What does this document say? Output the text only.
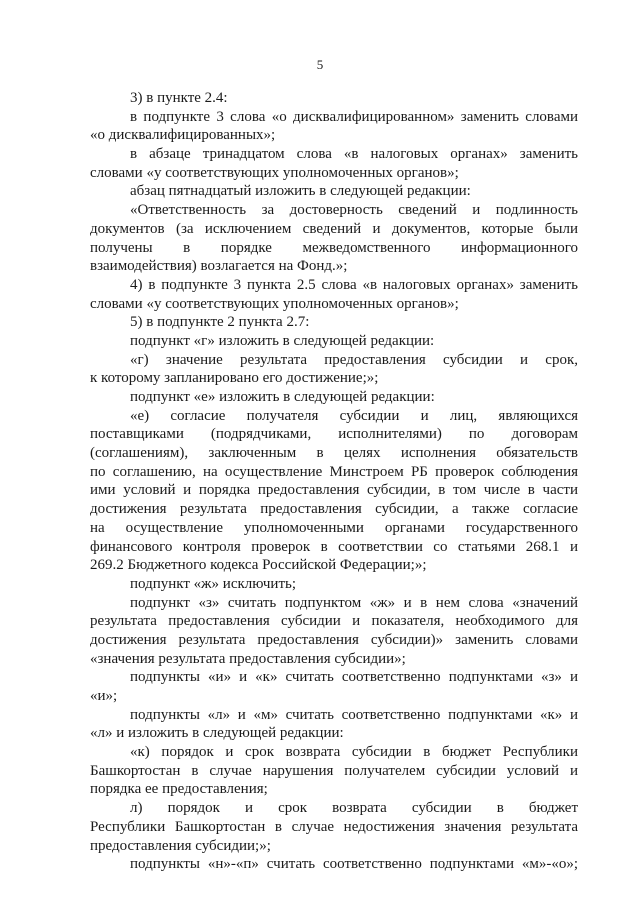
5
3) в пункте 2.4:
в подпункте 3 слова «о дисквалифицированном» заменить словами
«о дисквалифицированных»;
в абзаце тринадцатом слова «в налоговых органах» заменить
словами «у соответствующих уполномоченных органов»;
абзац пятнадцатый изложить в следующей редакции:
«Ответственность за достоверность сведений и подлинность
документов (за исключением сведений и документов, которые были
получены в порядке межведомственного информационного
взаимодействия) возлагается на Фонд.»;
4) в подпункте 3 пункта 2.5 слова «в налоговых органах» заменить
словами «у соответствующих уполномоченных органов»;
5) в подпункте 2 пункта 2.7:
подпункт «г» изложить в следующей редакции:
«г) значение результата предоставления субсидии и срок,
к которому запланировано его достижение;»;
подпункт «е» изложить в следующей редакции:
«е) согласие получателя субсидии и лиц, являющихся
поставщиками (подрядчиками, исполнителями) по договорам
(соглашениям), заключенным в целях исполнения обязательств
по соглашению, на осуществление Минстроем РБ проверок соблюдения
ими условий и порядка предоставления субсидии, в том числе в части
достижения результата предоставления субсидии, а также согласие
на осуществление уполномоченными органами государственного
финансового контроля проверок в соответствии со статьями 268.1 и
269.2 Бюджетного кодекса Российской Федерации;»;
подпункт «ж» исключить;
подпункт «з» считать подпунктом «ж» и в нем слова «значений
результата предоставления субсидии и показателя, необходимого для
достижения результата предоставления субсидии)» заменить словами
«значения результата предоставления субсидии»;
подпункты «и» и «к» считать соответственно подпунктами «з» и
«и»;
подпункты «л» и «м» считать соответственно подпунктами «к» и
«л» и изложить в следующей редакции:
«к) порядок и срок возврата субсидии в бюджет Республики
Башкортостан в случае нарушения получателем субсидии условий и
порядка ее предоставления;
л) порядок и срок возврата субсидии в бюджет
Республики Башкортостан в случае недостижения значения результата
предоставления субсидии;»;
подпункты «н»-«п» считать соответственно подпунктами «м»-«о»;
